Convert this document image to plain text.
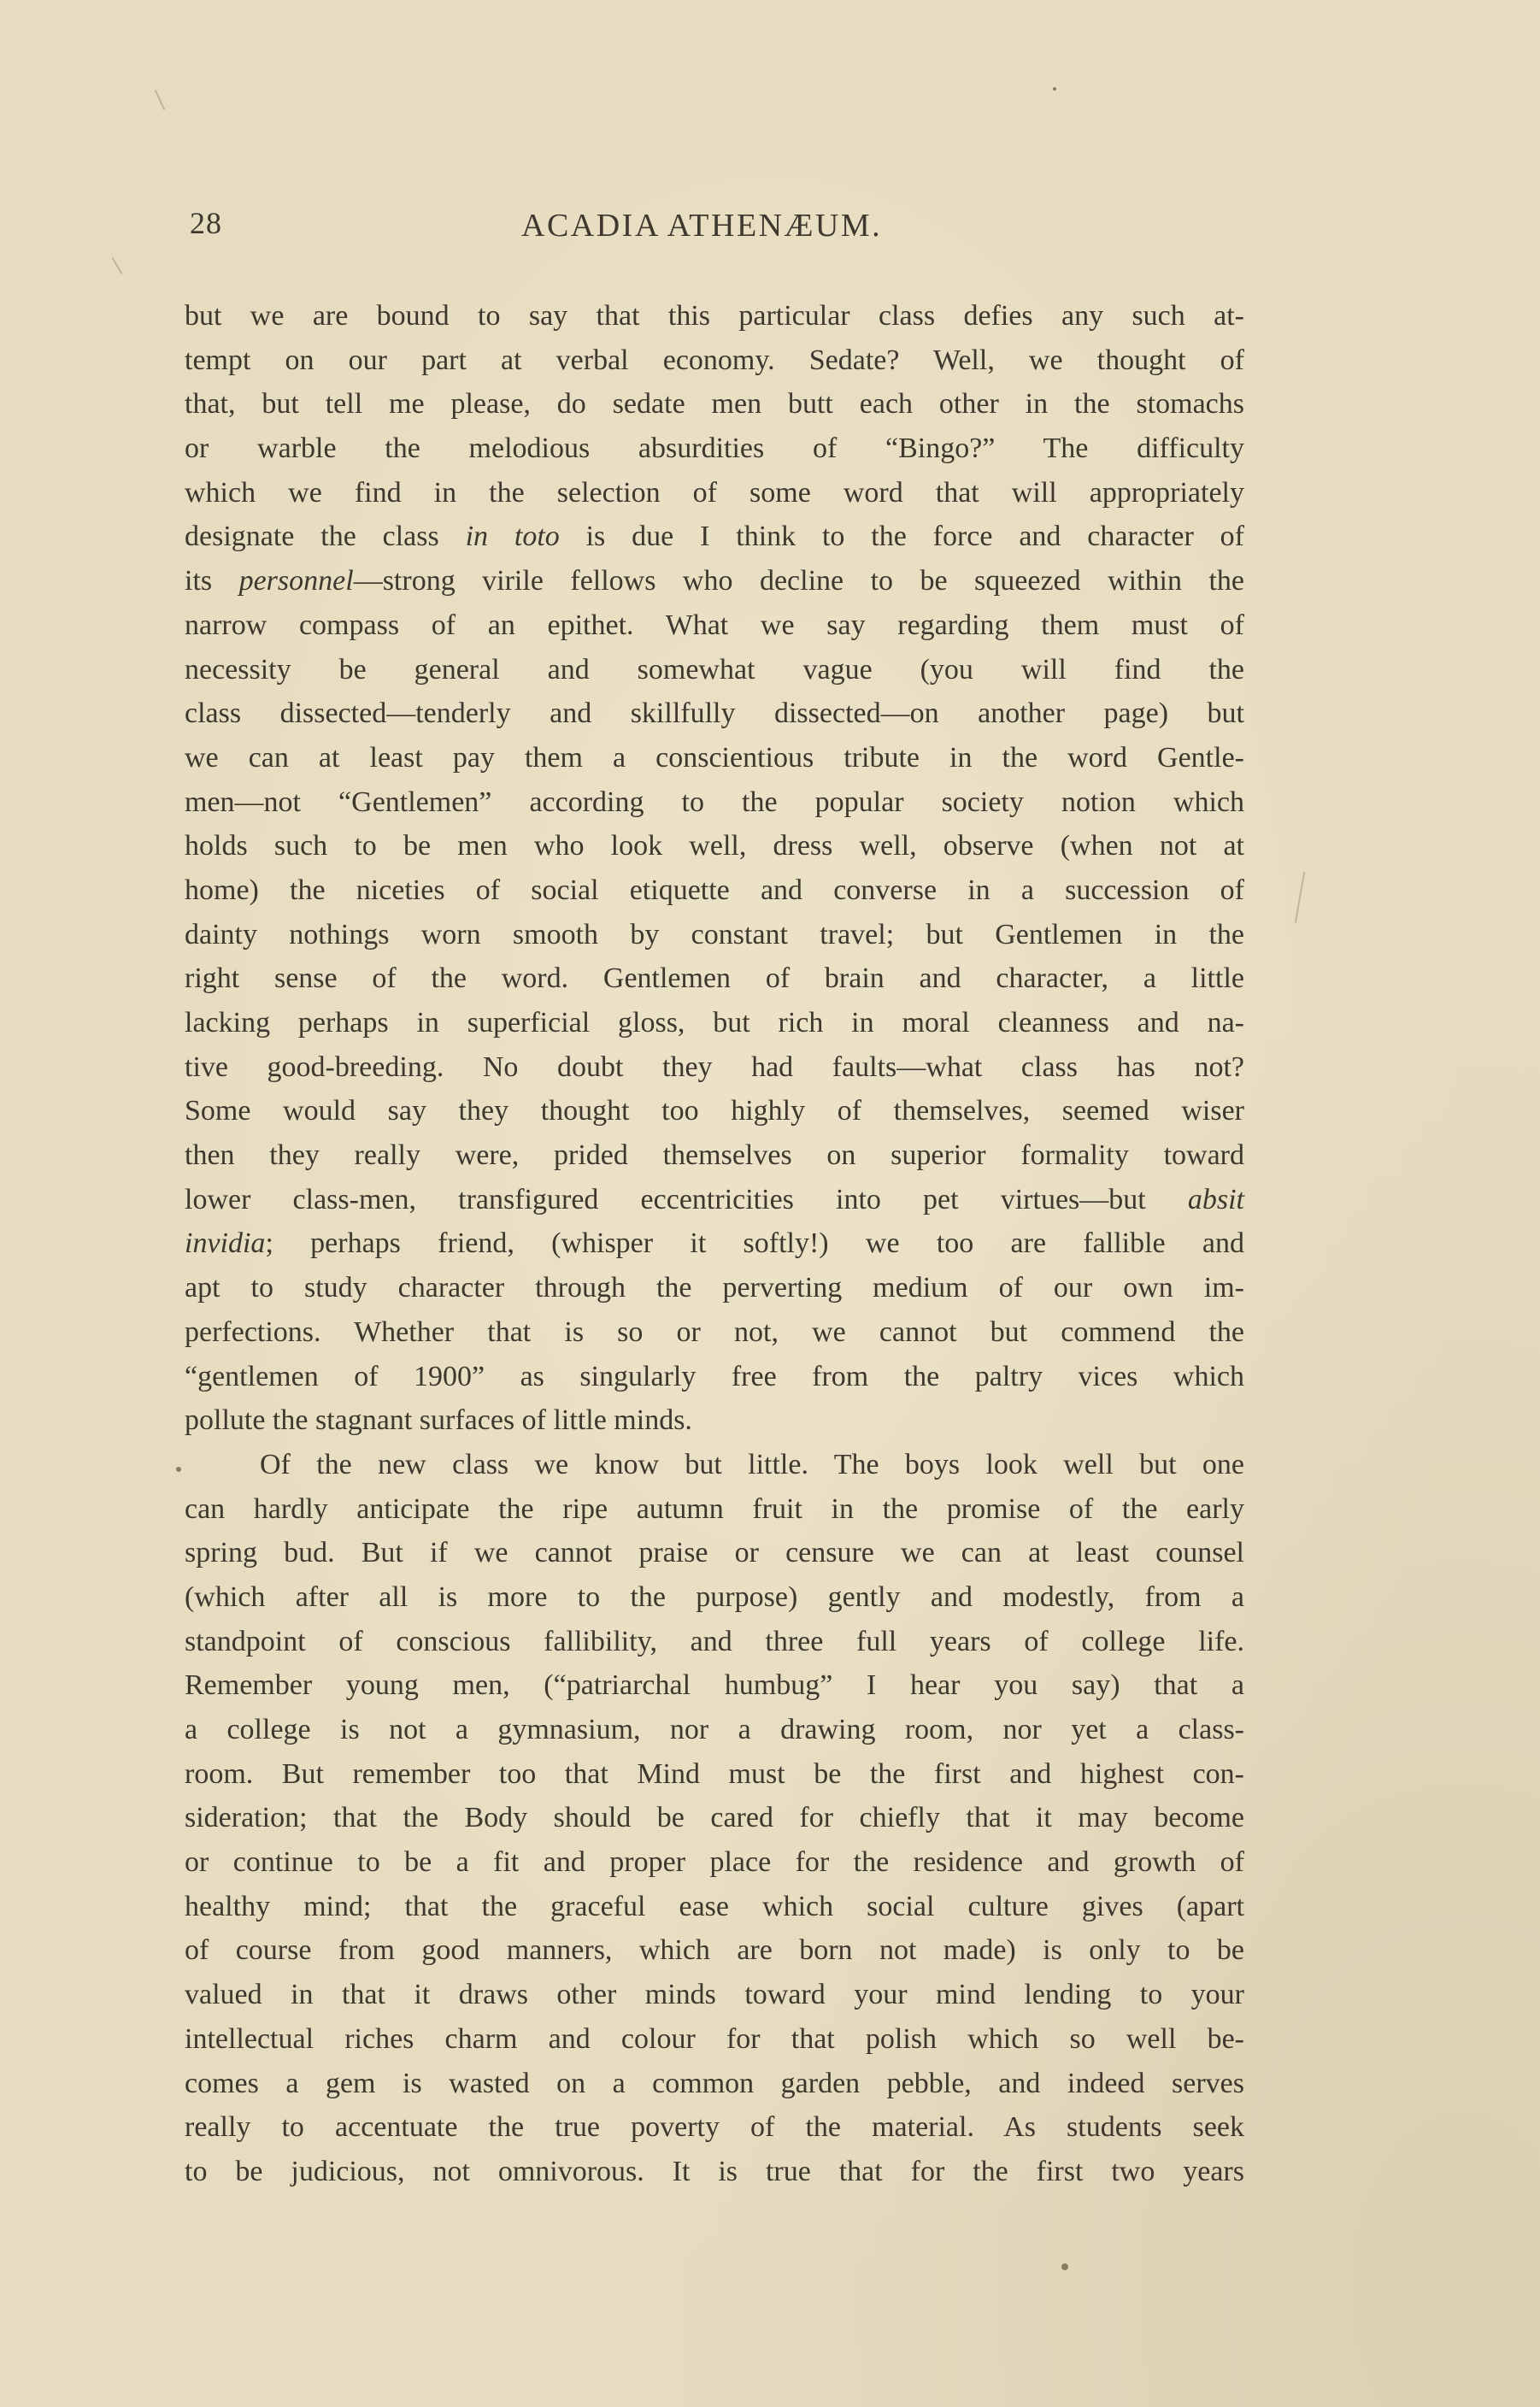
28	ACADIA ATHENÆUM.
but we are bound to say that this particular class defies any such at-
tempt on our part at verbal economy. Sedate? Well, we thought of
that, but tell me please, do sedate men butt each other in the stomachs
or warble the melodious absurdities of “Bingo?” The difficulty
which we find in the selection of some word that will appropriately
designate the class in toto is due I think to the force and character of
its personnel—strong virile fellows who decline to be squeezed within the
narrow compass of an epithet. What we say regarding them must of
necessity be general and somewhat vague (you will find the
class dissected—tenderly and skillfully dissected—on another page) but
we can at least pay them a conscientious tribute in the word Gentle-
men—not “Gentlemen” according to the popular society notion which
holds such to be men who look well, dress well, observe (when not at
home) the niceties of social etiquette and converse in a succession of
dainty nothings worn smooth by constant travel; but Gentlemen in the
right sense of the word. Gentlemen of brain and character, a little
lacking perhaps in superficial gloss, but rich in moral cleanness and na-
tive good-breeding. No doubt they had faults—what class has not?
Some would say they thought too highly of themselves, seemed wiser
then they really were, prided themselves on superior formality toward
lower class-men, transfigured eccentricities into pet virtues—but absit
invidia; perhaps friend, (whisper it softly!) we too are fallible and
apt to study character through the perverting medium of our own im-
perfections. Whether that is so or not, we cannot but commend the
“gentlemen of 1900” as singularly free from the paltry vices which
pollute the stagnant surfaces of little minds.
Of the new class we know but little. The boys look well but one
can hardly anticipate the ripe autumn fruit in the promise of the early
spring bud. But if we cannot praise or censure we can at least counsel
(which after all is more to the purpose) gently and modestly, from a
standpoint of conscious fallibility, and three full years of college life.
Remember young men, (“patriarchal humbug” I hear you say) that a
a college is not a gymnasium, nor a drawing room, nor yet a class-
room. But remember too that Mind must be the first and highest con-
sideration; that the Body should be cared for chiefly that it may become
or continue to be a fit and proper place for the residence and growth of
healthy mind; that the graceful ease which social culture gives (apart
of course from good manners, which are born not made) is only to be
valued in that it draws other minds toward your mind lending to your
intellectual riches charm and colour for that polish which so well be-
comes a gem is wasted on a common garden pebble, and indeed serves
really to accentuate the true poverty of the material. As students seek
to be judicious, not omnivorous. It is true that for the first two years
